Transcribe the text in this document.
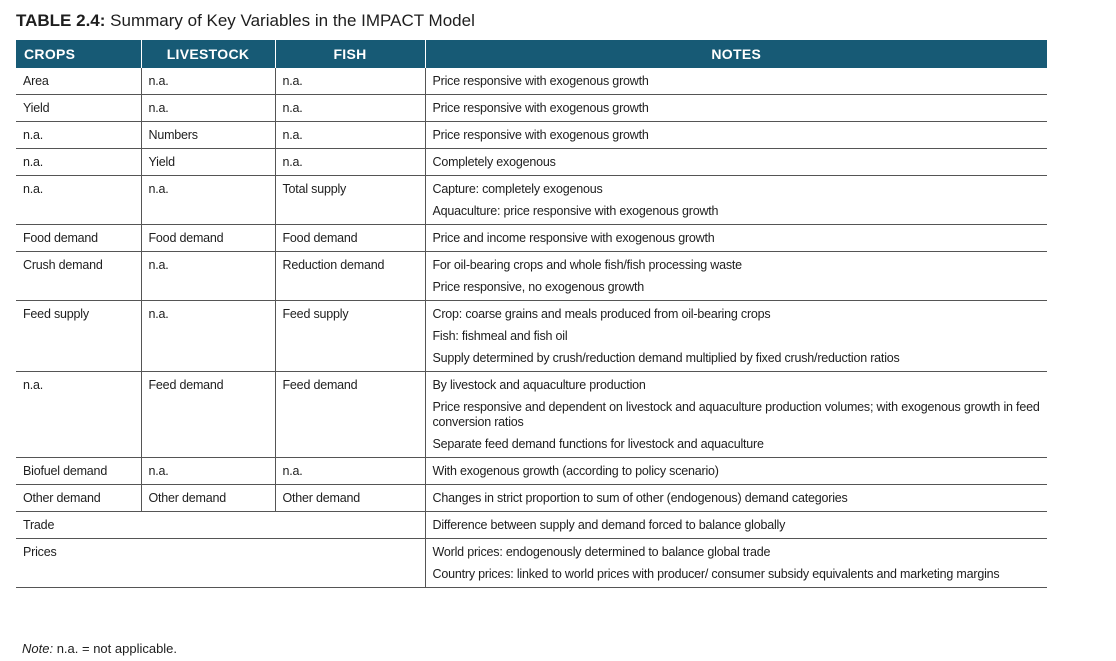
TABLE 2.4: Summary of Key Variables in the IMPACT Model
CROPS	LIVESTOCK	FISH	NOTES
Area	n.a.	n.a.	Price responsive with exogenous growth

Yield	n.a.	n.a.	Price responsive with exogenous growth

n.a.	Numbers	n.a.	Price responsive with exogenous growth

n.a.	Yield	n.a.	Completely exogenous

n.a.	n.a.	Total supply	Capture: completely exogenous
Aquaculture: price responsive with exogenous growth

Food demand	Food demand	Food demand	Price and income responsive with exogenous growth

Crush demand	n.a.	Reduction demand	For oil-bearing crops and whole fish/fish processing waste
Price responsive, no exogenous growth

Feed supply	n.a.	Feed supply	Crop: coarse grains and meals produced from oil-bearing crops
Fish: fishmeal and fish oil
Supply determined by crush/reduction demand multiplied by fixed crush/reduction ratios

n.a.	Feed demand	Feed demand	By livestock and aquaculture production
Price responsive and dependent on livestock and aquaculture production volumes; with exogenous growth in feed conversion ratios
Separate feed demand functions for livestock and aquaculture

Biofuel demand	n.a.	n.a.	With exogenous growth (according to policy scenario)

Other demand	Other demand	Other demand	Changes in strict proportion to sum of other (endogenous) demand categories

Trade			Difference between supply and demand forced to balance globally

Prices			World prices: endogenously determined to balance global trade
Country prices: linked to world prices with producer/ consumer subsidy equivalents and marketing margins
Note: n.a. = not applicable.
